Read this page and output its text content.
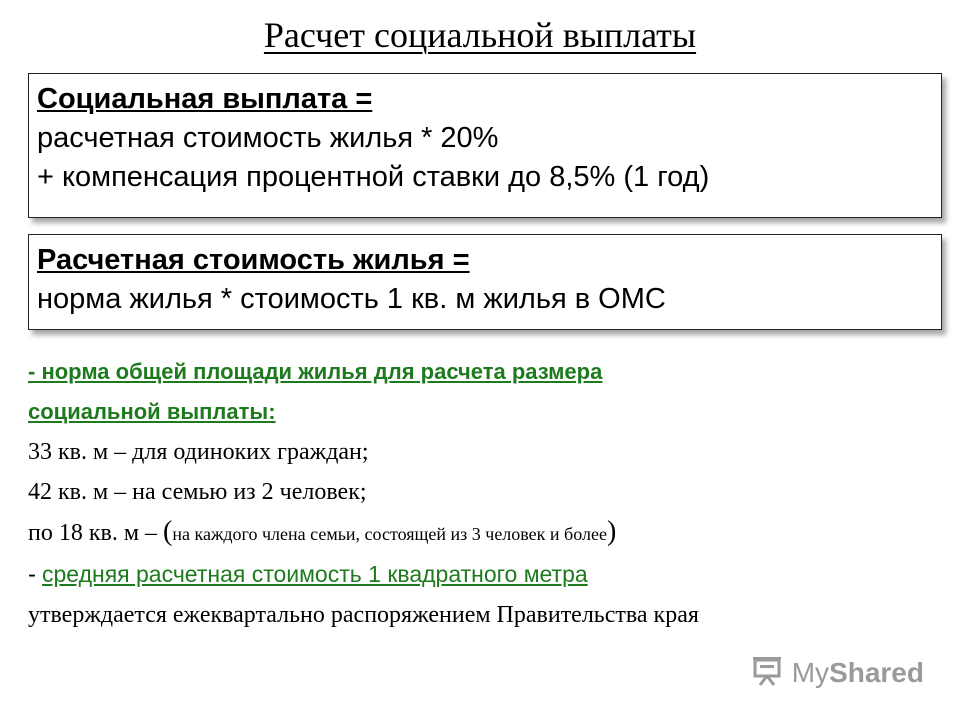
Расчет социальной выплаты
Социальная выплата =
расчетная стоимость жилья * 20%
+ компенсация процентной ставки до 8,5% (1 год)
Расчетная стоимость жилья =
норма жилья * стоимость 1 кв. м жилья в ОМС
- норма общей площади жилья для расчета размера
социальной выплаты:
33 кв. м – для одиноких граждан;
42 кв. м – на семью из 2 человек;
по 18 кв. м – (на каждого члена семьи, состоящей из 3 человек и более)
- средняя расчетная стоимость 1 квадратного метра
утверждается ежеквартально распоряжением Правительства края
MyShared
